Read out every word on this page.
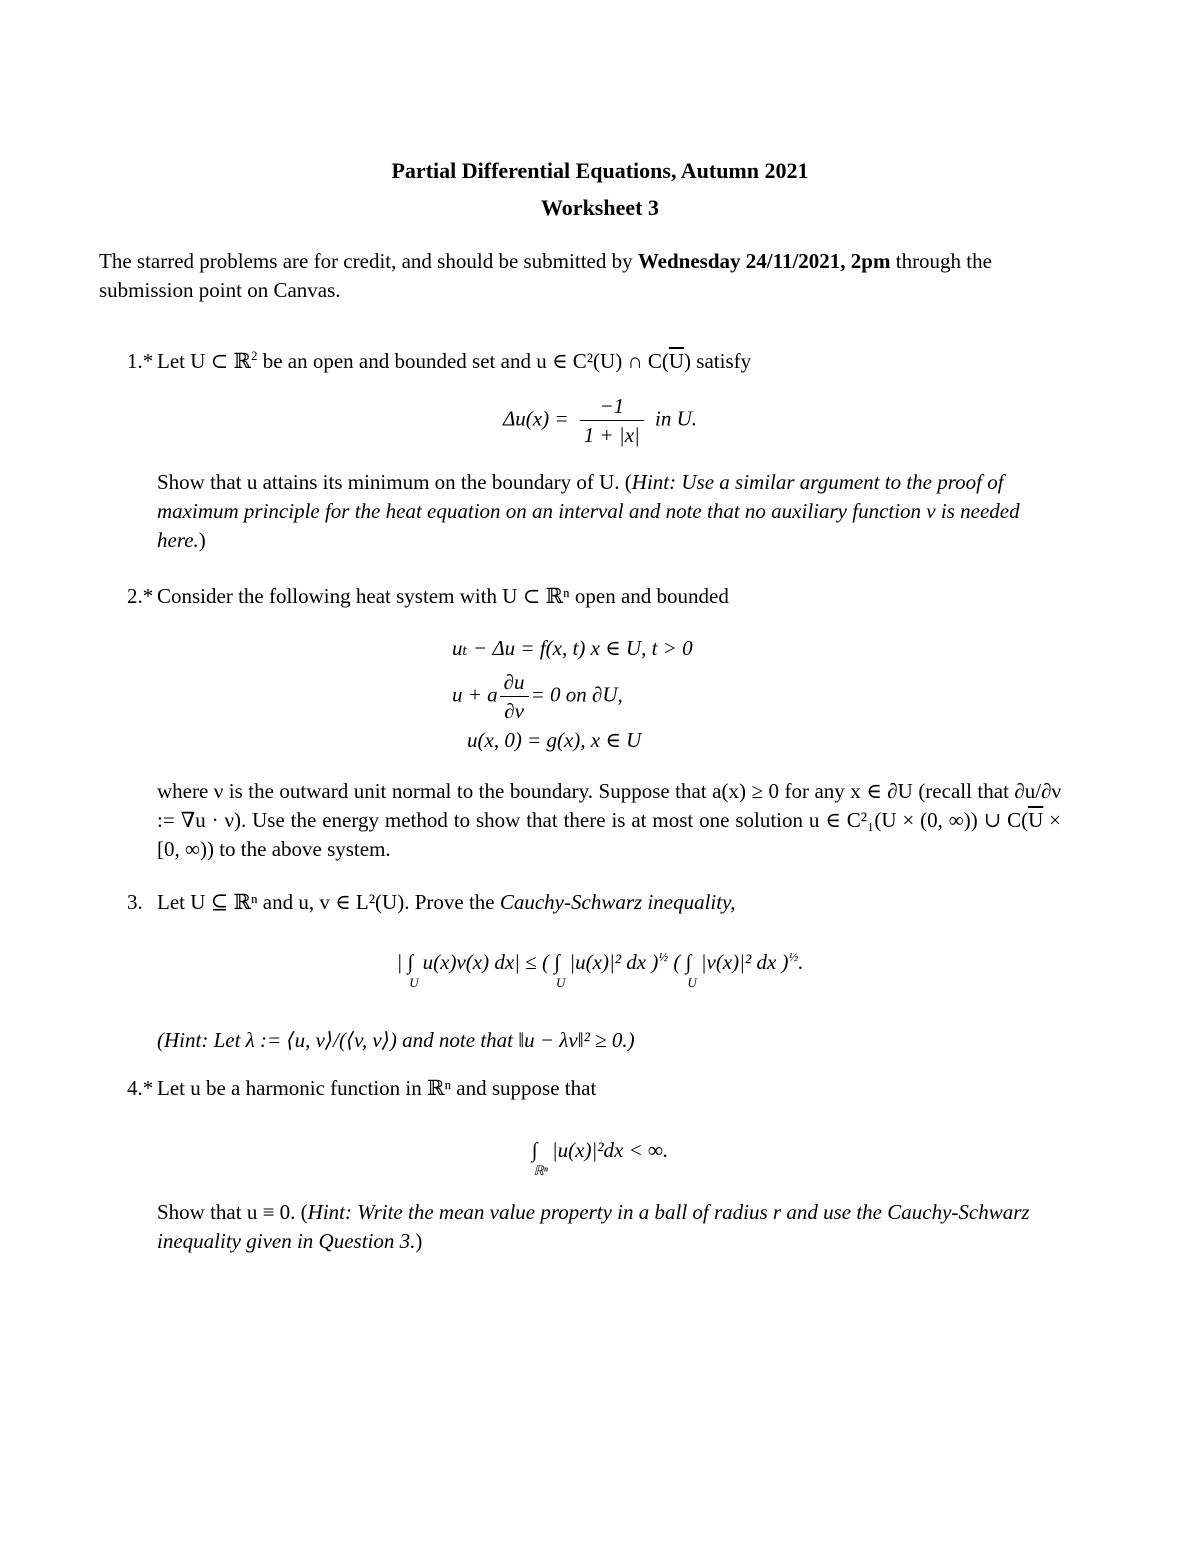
Partial Differential Equations, Autumn 2021
Worksheet 3
The starred problems are for credit, and should be submitted by Wednesday 24/11/2021, 2pm through the submission point on Canvas.
1.* Let U ⊂ ℝ$^2$ be an open and bounded set and u ∈ C²(U) ∩ $C(\overline{U})$ satisfy
$\Delta u(x) = \frac{-1}{1 + |x|}$ in U.
Show that u attains its minimum on the boundary of U. (Hint: Use a similar argument to the proof of maximum principle for the heat equation on an interval and note that no auxiliary function v is needed here.)
2.* Consider the following heat system with U ⊂ ℝⁿ open and bounded
uₜ − Δu = f(x, t) x ∈ U, t > 0
u + a $\frac{\partial u}{\partial\nu} = 0$ on ∂U,
u(x, 0) = g(x), x ∈ U
where ν is the outward unit normal to the boundary. Suppose that a(x) ≥ 0 for any x ∈ ∂U (recall that ∂u/∂ν := ∇u · ν). Use the energy method to show that there is at most one solution u ∈ C²₁(U × (0, ∞)) ∪ $C(\overline{U} \times [0$, ∞)) to the above system.
3. Let U ⊆ ℝⁿ and u, v ∈ L²(U). Prove the Cauchy-Schwarz inequality,
| $\int_Uu(x)v(x) dx|$ ≤ ( $\int_U|u(x)|^2$ dx )$^{\frac{1}{2}}$ ( $\int_U|v(x)|^2$ dx )$^{\frac{1}{2}}$.
(Hint: Let λ := ⟨u, v⟩/(⟨v, v⟩) and note that ‖u − λv‖² ≥ 0.)
4.* Let u be a harmonic function in ℝⁿ and suppose that
$\int_{ℝ^n}|u(x)|^2dx$ < ∞.
Show that u ≡ 0. (Hint: Write the mean value property in a ball of radius r and use the Cauchy-Schwarz inequality given in Question 3.)
